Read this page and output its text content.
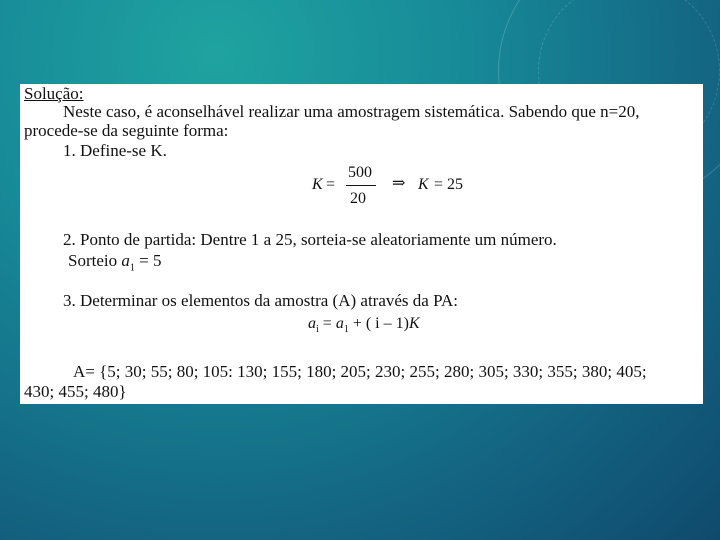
Solução:
Neste caso, é aconselhável realizar uma amostragem sistemática. Sabendo que n=20,
procede-se da seguinte forma:
1. Define-se K.
K =
500
20
⇒ K = 25
2. Ponto de partida: Dentre 1 a 25, sorteia-se aleatoriamente um número.
Sorteio $a_1 = 5$
3. Determinar os elementos da amostra (A) através da PA:
$a_i = a_1$ + ( i – 1)K
A= {5; 30; 55; 80; 105: 130; 155; 180; 205; 230; 255; 280; 305; 330; 355; 380; 405;
430; 455; 480}
